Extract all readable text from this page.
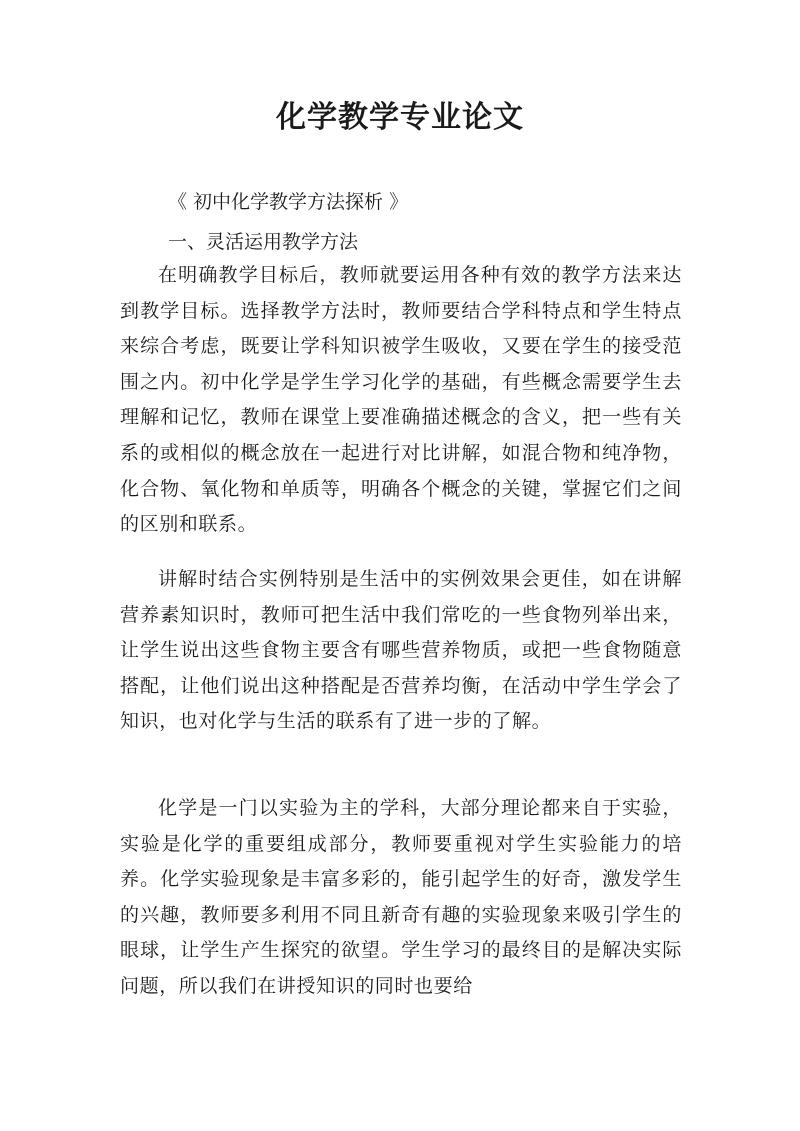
化学教学专业论文

《 初中化学教学方法探析 》

一、灵活运用教学方法

在明确教学目标后，教师就要运用各种有效的教学方法来达到教学目标。选择教学方法时，教师要结合学科特点和学生特点来综合考虑，既要让学科知识被学生吸收，又要在学生的接受范围之内。初中化学是学生学习化学的基础，有些概念需要学生去理解和记忆，教师在课堂上要准确描述概念的含义，把一些有关系的或相似的概念放在一起进行对比讲解，如混合物和纯净物，化合物、氧化物和单质等，明确各个概念的关键，掌握它们之间的区别和联系。

讲解时结合实例特别是生活中的实例效果会更佳，如在讲解营养素知识时，教师可把生活中我们常吃的一些食物列举出来，让学生说出这些食物主要含有哪些营养物质，或把一些食物随意搭配，让他们说出这种搭配是否营养均衡，在活动中学生学会了知识，也对化学与生活的联系有了进一步的了解。

化学是一门以实验为主的学科，大部分理论都来自于实验，实验是化学的重要组成部分，教师要重视对学生实验能力的培养。化学实验现象是丰富多彩的，能引起学生的好奇，激发学生的兴趣，教师要多利用不同且新奇有趣的实验现象来吸引学生的眼球，让学生产生探究的欲望。学生学习的最终目的是解决实际问题，所以我们在讲授知识的同时也要给
